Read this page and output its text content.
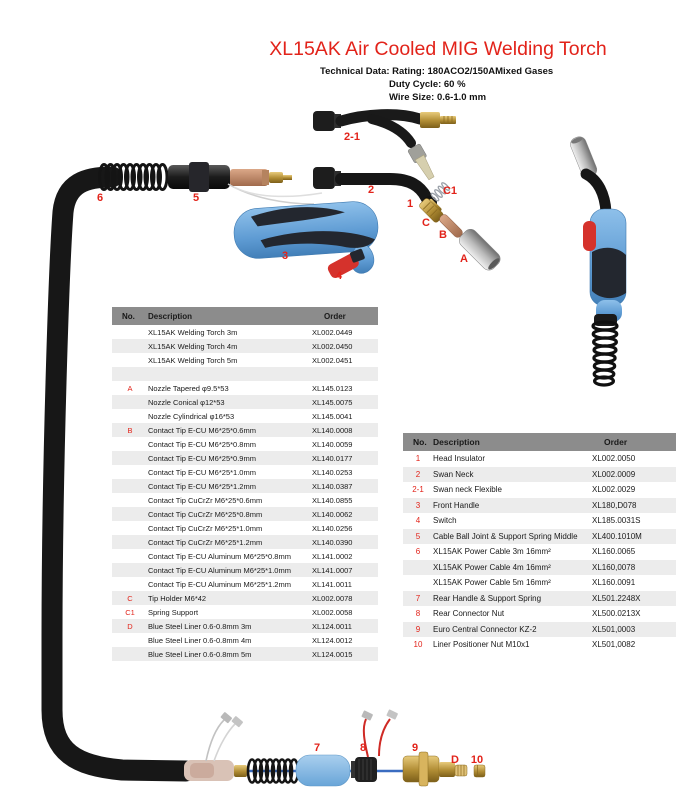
XL15AK Air Cooled MIG Welding Torch
Technical Data: Rating: 180ACO2/150AMixed Gases
Duty Cycle: 60 %
Wire Size: 0.6-1.0 mm
2-1
2
1
C1
C
B
A
6	5
3
4
7	8	9
D 10
No.	Description	Order
XL15AK Welding Torch 3m	XL002.0449
XL15AK Welding Torch 4m	XL002.0450
XL15AK Welding Torch 5m	XL002.0451
A	Nozzle Tapered φ9.5*53	XL145.0123
Nozzle Conical φ12*53	XL145.0075
Nozzle Cylindrical φ16*53	XL145.0041
B	Contact Tip E-CU M6*25*0.6mm	XL140.0008
Contact Tip E-CU M6*25*0.8mm	XL140.0059
Contact Tip E-CU M6*25*0.9mm	XL140.0177
Contact Tip E-CU M6*25*1.0mm	XL140.0253
Contact Tip E-CU M6*25*1.2mm	XL140.0387
Contact Tip CuCrZr M6*25*0.6mm	XL140.0855
Contact Tip CuCrZr M6*25*0.8mm	XL140.0062
Contact Tip CuCrZr M6*25*1.0mm	XL140.0256
Contact Tip CuCrZr M6*25*1.2mm	XL140.0390
Contact Tip E-CU Aluminum M6*25*0.8mm	XL141.0002
Contact Tip E-CU Aluminum M6*25*1.0mm	XL141.0007
Contact Tip E-CU Aluminum M6*25*1.2mm	XL141.0011
C	Tip Holder M6*42	XL002.0078
C1	Spring Support	XL002.0058
D	Blue Steel Liner 0.6-0.8mm 3m	XL124.0011
Blue Steel Liner 0.6-0.8mm 4m	XL124.0012
Blue Steel Liner 0.6-0.8mm 5m	XL124.0015
No. Description	Order
1	Head Insulator	XL002.0050
2	Swan Neck	XL002.0009
2-1	Swan neck Flexible	XL002.0029
3	Front Handle	XL180,D078
4	Switch	XL185.0031S
5	Cable Ball Joint & Support Spring Middle	XL400.1010M
6	XL15AK Power Cable 3m 16mm²	XL160.0065
XL15AK Power Cable 4m 16mm²	XL160,0078
XL15AK Power Cable 5m 16mm²	XL160.0091
7	Rear Handle & Support Spring	XL501.2248X
8	Rear Connector Nut	XL500.0213X
9	Euro Central Connector KZ-2	XL501,0003
10	Liner Positioner Nut M10x1	XL501,0082
